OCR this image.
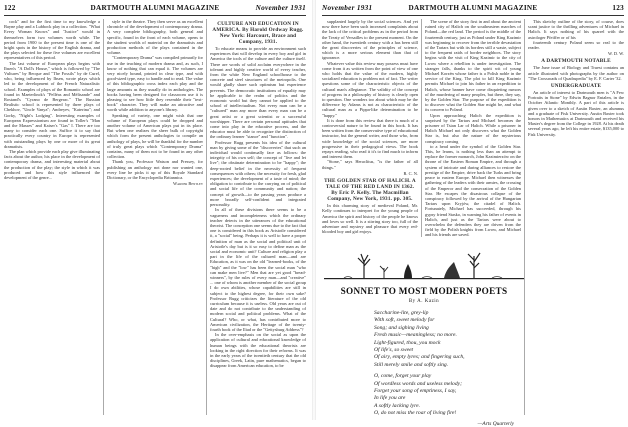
122	DARTMOUTH ALUMNI MAGAZINE	November 1931

cock" and for the first time to my knowledge a Bayne play and a Lubbock play in a collection. "What Every Woman Knows" and "Justice" would in themselves form two volumes worth while. The period from 1900 to the present time is one of the bright spots in the history of the English drama, and the plays selected for these five volumes are excellent representatives of this period.

The last volume of European plays begins with Ibsen's "A Doll's House," which is followed by "The Vultures" by Becque and "The Fossils" by de Curel, who, being influenced by Ibsen, wrote plays which led to the development of the French Naturalistic school. Examples of plays of the Romantic school are found in Maeterlinck's "Pelléas and Mélisande" and Rostand's "Cyrano de Bergerac." The Russian Realistic school is represented by three plays of Chekhov, "Uncle Vanya"; Andreyev, "Katerina"; and Gorky, "Night's Lodging". Interesting examples of European Expressionism are found in Toller's "Man and the Masses" and Kaiser's "Gas" I. There are too many to consider each one. Suffice it to say that practically every country in Europe is represented with outstanding plays by one or more of its great dramatists.

The plan which provide each play give illuminating facts about the author, his place in the development of contemporary drama, and interesting material about the production of the play; the style in which it was produced and how this style influenced the development of the genre...

style in the theatre. They then serve as an excellent chronicle of the development of contemporary drama. A very complete bibliography, both general and specific, found in the front of each volume, opens to the student worlds of material on the dramatists and production methods of the plays contained in the volume.

"Contemporary Drama" was compiled primarily for use in the teaching of modern drama and, as such, I know of nothing that can equal it. The volumes are very nicely bound, printed in clear type, and with good-sized type, easy to handle and to read. The value of this bibliographic cross index each play and the large amounts as they usually do in anthologies. The books having been designed for classroom use it is pleasing to see how little they resemble their "text-book" character. They will make an attractive and worth while addition to anyone's library.

Speaking of variety, one might wish that one volume of European plays could be dropped and another volume of American plays put in its place. But when one realizes the sheer bulk of copyright which form the present anthologies to compile an anthology of plays, he will be thankful for the number of truly great plays which "Contemporary Drama" contains, many of them not to be found in any other collection.

Thank you, Professor Watson and Pressey, for publishing an anthology not done nor wanted one, every line he picks it up of this Royale Standard Dictionary, or the Encyclopedia Britannica.

Warner Bentley

CULTURE AND EDUCATION IN AMERICA. By Harold Ordway Rugg. New York: Harcourt, Brace and Company, 1931.

To educate means to provide an environment such experiences that will develop in every boy and girl in America the tools of the culture and the culture itself. There are words of solid acclaim everywhere in the tolerant and highly creative world of every teacher, from the white New England schoolhouse to the concrete and steel structures of the metropolis. One would gladly share such optimism but experience prevents. The democratic institutions of equality may be applicable to the realm of politics and the economic world but they cannot be applied to the school of intellectualism. Not every man can be a "cultured" man any more than every man can be a great artist or a great scientist or a successful worshipper. There are certain personal aptitudes that come into play in the educative process, and the educator must be able to recognize the distinction of the ordinary learner "stance" and "function".

Professor Rugg presents his idea of the cultural man by giving some of the "discoveries" that such an individual would continually face as follows: the integrity of his own self; the concept of "live and let live"; the obstinate determination to be "happy"; the deep-rooted belief in the necessity of frequent consequences with others; the necessity for fresh, glad experiences; the development of a taste of mind; the obligation to contribute to the carrying on of political and social life of the community and nation; the concept of growth—to the passing years produce a more broadly self-confident and integrated personality.

In all of these divisions there seems to be a vagueness and incompleteness which the ordinary teacher detects in the utterances of the educational theorist. The conception one seems due to the fact that one is considered in this book as Aristotle considered it, a "social" being. Perhaps it is well to have a proper definition of man as the social and political unit of Aristotle's day but is it so easy to define man as the social and economic unit? Culture and religion play a part in the life of the cultured man—and are Education, as it was on the old "learned-books, of the "high" and the "low" has been the social man "who can make men live?" Men that are yet good "bread-winners", by the rules of every man—and "creative" ... one of whom is another member of the social group I do own abilities, whose capabilities are still in subject to the highest degree, for their own sake? Professor Rugg criticizes the literature of the old curriculum because it is useless. Old years are out of date and do not contribute to the understanding of modern social and political problems. What of the Cultural? Who, or what, has contributed more to American civilization, the Heritage of the twenty-fourth book of the Iliad or the "Gettysburg Address"?

In the over-emphasis on the social as upon the application of cultural and educational knowledge of human beings with the educational theorists are looking in the right direction for their reforms. It was in the early years of the twentieth century that the old disciplines, Greek, Latin, pure mathematics, began to disappear from American education, to be

November 1931	DARTMOUTH ALUMNI MAGAZINE	123

supplanted largely by the social sciences. And yet now there have been such increased complaints about the lack of the critical problems as in the period from the Treaty of Versailles to the present moment. On the other hand, the twentieth century with a has been still the great discoveries of the principles of science, which is a more serious element than that of ignorance.

Whatever value this review may possess must have come from it as written from the point of view of one who holds that the value of the modern, highly socialized education is problem not of fact. The writer questions some of the characteristic objects of the cultural man's allegiance. The validity of the concept of progress in a philosophy of history is clearly open to question. One wonders too about which may be the difference by Adams is not as characteristic of the cultural man as a Pippa-like determination to be "happy."

It is done from this review that there is much of a controversial nature to be found in this book. It has been written from the conservative type of educational instructor, but the general writer, and those who, from wide knowledge of the social sciences, are more progressive in their pedagogical views. The book repays reading, who read it it's to find much to inform and interest them.

"Stone," says Heraclitus, "is the father of all things."

R. C. N.

THE GOLDEN STAR OF HALICH. A TALE OF THE RED LAND IN 1362. By Eric P. Kelly. The Macmillan Company, New York, 1931. pp. 305.

In this charming story of medieval Poland, Mr. Kelly continues to interpret for the young people of America the spirit and history of the people he knows and loves so well. It is a stirring story too, full of the adventure and mystery and pleasure that every red-blooded boy and girl enjoys.

The scene of the story first in and about the ancient ruined city of Halich on the southeastern marches of Poland—the red land. The period is the middle of the fourteenth century, just as Poland under King Kazimir was beginning to recover from the terrible devastation of the Tartars but with its borders still a waste, subject to the frequent raids of border neighbors. The story begins with the visit of King Kazimir to the city of Lwow where a rebellion is under investigation. The stranger falls, thanks to the spirit wit of young Michael Korzén whose father is a Polish noble in the service of the King. The plot to kill King Kazimir permits Michael to join his father in an expedition to Halich, whose banner have come disquieting rumors of the murdering of many peoples, but there, they say, by the Golden Star. The purpose of the expedition is to discover what the Golden Star might be, and what its concern to Poland.

Upon approaching Halich the expedition is surprised by the Tartars and Michael becomes the prisoner of Tsian Lar of Halich. While a prisoner in Halich Michael not only discovers what the Golden Star is, but also the nature of the mysterious conspiracy coming

to a head under the symbol of the Golden Star. This, he learns, is nothing less than an attempt to replace the former monarch, John Kazimierzów on the throne of the Eastern Roman Empire, and through a system of intricate and daring alliances to restore the prestige of the Empire, drive back the Turks and bring peace to eastern Europe. Michael then witnesses the gathering of the leaders with their armies, the crossing of the Emperor and the consecration of the Golden Star. He escapes the disastrous collapse of the conspiracy followed by the arrival of the Hungarian Tartars upon Kryjów, the citadel of Halich. Fortunately, Michael has succeeded, through his gypsy friend Stasko, in warning his father of events in Halich, and just as the Tartars were about to overwhelm the defenders they are driven from the field by the Polish knights from Lwow, and Michael and his friends are saved.

This sketchy outline of the story, of course, does scant justice to the thrilling adventures of Michael in Halich. It says nothing of his quarrel with the astrologer Pfeiffer or of his

fourteenth century Poland seem so real to the reader.

W. D. W.

A DARTMOUTH NOTABLE

The June issue of Biology and Truest contains an article illustrated with photographs by the author on "The Crossroads of Quadrupedia" by E. F. Carter '32.

UNDERGRADUATE

An article of interest to Dartmouth men is "A Few Portraits in Stone" by Edwin Bagnor Entalen, in the October Atlantic Monthly. A part of this article is given over to a sketch of Austin Baxter, an alumnus and a graduate of Fisk University. Austin Baxter took honors in Mathematics at Dartmouth and received his Master's degree from the College in 1928. At his death several years ago, he left his entire estate, $135,000 to Fisk University.

SONNET TO MOST MODERN POETS
By A. Kazin
Saccharine-lite, grey-lip
With soft, sweet melody for
Song; and sighing living
Fresh music—meaningless; no more.
Light-figured, thou, you mock
Of life's, so sweet
Of airy, empty lyres; and fingering such,
Still merely smile and softly sing.
O, come, forget your play
Of wordless words and useless melody;
Forget your song of emptiness, I say,
In life you are
A softly lacking lyre.
O, do not miss the roar of living fire!
—Arts Quarterly
